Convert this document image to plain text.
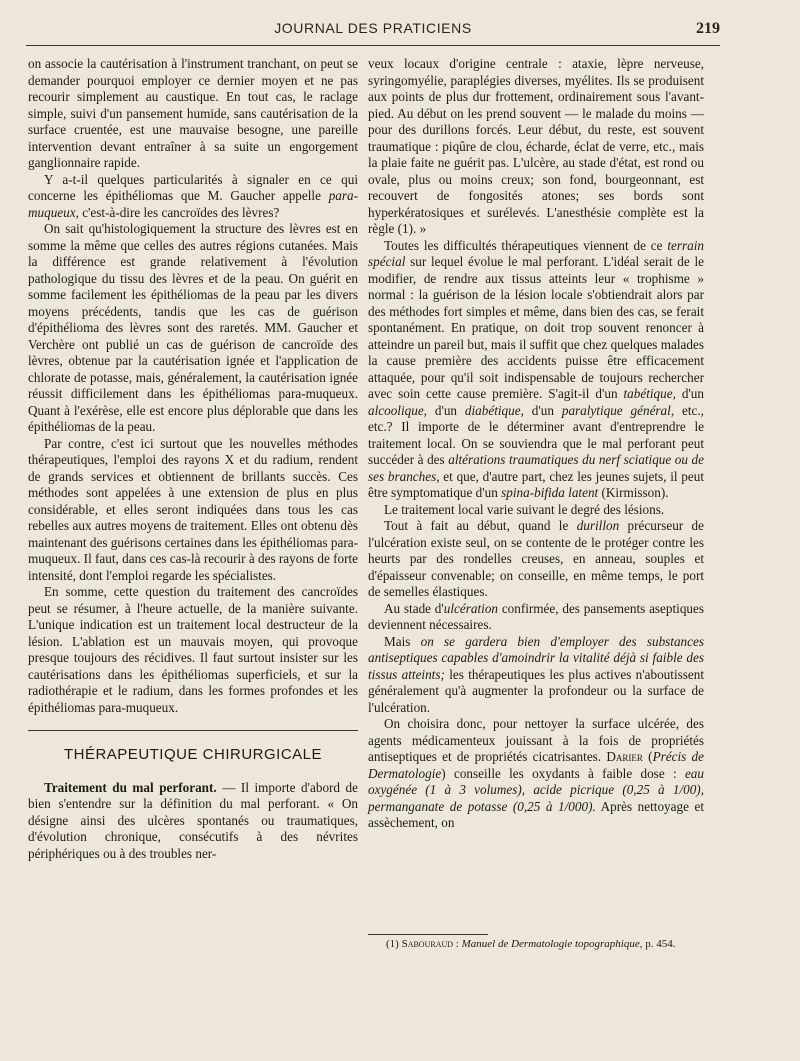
JOURNAL DES PRATICIENS	219

on associe la cautérisation à l'instrument tranchant, on peut se demander pourquoi employer ce dernier moyen et ne pas recourir simplement au caustique. En tout cas, le raclage simple, suivi d'un pansement humide, sans cautérisation de la surface cruentée, est une mauvaise besogne, une pareille intervention devant entraîner à sa suite un engorgement ganglionnaire rapide.

Y a-t-il quelques particularités à signaler en ce qui concerne les épithéliomas que M. Gaucher appelle para-muqueux, c'est-à-dire les cancroïdes des lèvres?

On sait qu'histologiquement la structure des lèvres est en somme la même que celles des autres régions cutanées. Mais la différence est grande relativement à l'évolution pathologique du tissu des lèvres et de la peau. On guérit en somme facilement les épithéliomas de la peau par les divers moyens précédents, tandis que les cas de guérison d'épithélioma des lèvres sont des raretés. MM. Gaucher et Verchère ont publié un cas de guérison de cancroïde des lèvres, obtenue par la cautérisation ignée et l'application de chlorate de potasse, mais, généralement, la cautérisation ignée réussit difficilement dans les épithéliomas para-muqueux. Quant à l'exérèse, elle est encore plus déplorable que dans les épithéliomas de la peau.

Par contre, c'est ici surtout que les nouvelles méthodes thérapeutiques, l'emploi des rayons X et du radium, rendent de grands services et obtiennent de brillants succès. Ces méthodes sont appelées à une extension de plus en plus considérable, et elles seront indiquées dans tous les cas rebelles aux autres moyens de traitement. Elles ont obtenu dès maintenant des guérisons certaines dans les épithéliomas para-muqueux. Il faut, dans ces cas-là recourir à des rayons de forte intensité, dont l'emploi regarde les spécialistes.

En somme, cette question du traitement des cancroïdes peut se résumer, à l'heure actuelle, de la manière suivante. L'unique indication est un traitement local destructeur de la lésion. L'ablation est un mauvais moyen, qui provoque presque toujours des récidives. Il faut surtout insister sur les cautérisations dans les épithéliomas superficiels, et sur la radiothérapie et le radium, dans les formes profondes et les épithéliomas para-muqueux.

THÉRAPEUTIQUE CHIRURGICALE

Traitement du mal perforant. — Il importe d'abord de bien s'entendre sur la définition du mal perforant. « On désigne ainsi des ulcères spontanés ou traumatiques, d'évolution chronique, consécutifs à des névrites périphériques ou à des troubles ner-

veux locaux d'origine centrale : ataxie, lèpre nerveuse, syringomyélie, paraplégies diverses, myélites. Ils se produisent aux points de plus dur frottement, ordinairement sous l'avant-pied. Au début on les prend souvent — le malade du moins — pour des durillons forcés. Leur début, du reste, est souvent traumatique : piqûre de clou, écharde, éclat de verre, etc., mais la plaie faite ne guérit pas. L'ulcère, au stade d'état, est rond ou ovale, plus ou moins creux; son fond, bourgeonnant, est recouvert de fongosités atones; ses bords sont hyperkératosiques et surélevés. L'anesthésie complète est la règle (1). »

Toutes les difficultés thérapeutiques viennent de ce terrain spécial sur lequel évolue le mal perforant. L'idéal serait de le modifier, de rendre aux tissus atteints leur « trophisme » normal : la guérison de la lésion locale s'obtiendrait alors par des méthodes fort simples et même, dans bien des cas, se ferait spontanément. En pratique, on doit trop souvent renoncer à atteindre un pareil but, mais il suffit que chez quelques malades la cause première des accidents puisse être efficacement attaquée, pour qu'il soit indispensable de toujours rechercher avec soin cette cause première. S'agit-il d'un tabétique, d'un alcoolique, d'un diabétique, d'un paralytique général, etc., etc.? Il importe de le déterminer avant d'entreprendre le traitement local. On se souviendra que le mal perforant peut succéder à des altérations traumatiques du nerf sciatique ou de ses branches, et que, d'autre part, chez les jeunes sujets, il peut être symptomatique d'un spina-bifida latent (Kirmisson).

Le traitement local varie suivant le degré des lésions.

Tout à fait au début, quand le durillon précurseur de l'ulcération existe seul, on se contente de le protéger contre les heurts par des rondelles creuses, en anneau, souples et d'épaisseur convenable; on conseille, en même temps, le port de semelles élastiques.

Au stade d'ulcération confirmée, des pansements aseptiques deviennent nécessaires.

Mais on se gardera bien d'employer des substances antiseptiques capables d'amoindrir la vitalité déjà si faible des tissus atteints; les thérapeutiques les plus actives n'aboutissent généralement qu'à augmenter la profondeur ou la surface de l'ulcération.

On choisira donc, pour nettoyer la surface ulcérée, des agents médicamenteux jouissant à la fois de propriétés antiseptiques et de propriétés cicatrisantes. Darier (Précis de Dermatologie) conseille les oxydants à faible dose : eau oxygénée (1 à 3 volumes), acide picrique (0,25 à 1/00), permanganate de potasse (0,25 à 1/000). Après nettoyage et assèchement, on

(1) Sabouraud : Manuel de Dermatologie topographique, p. 454.
